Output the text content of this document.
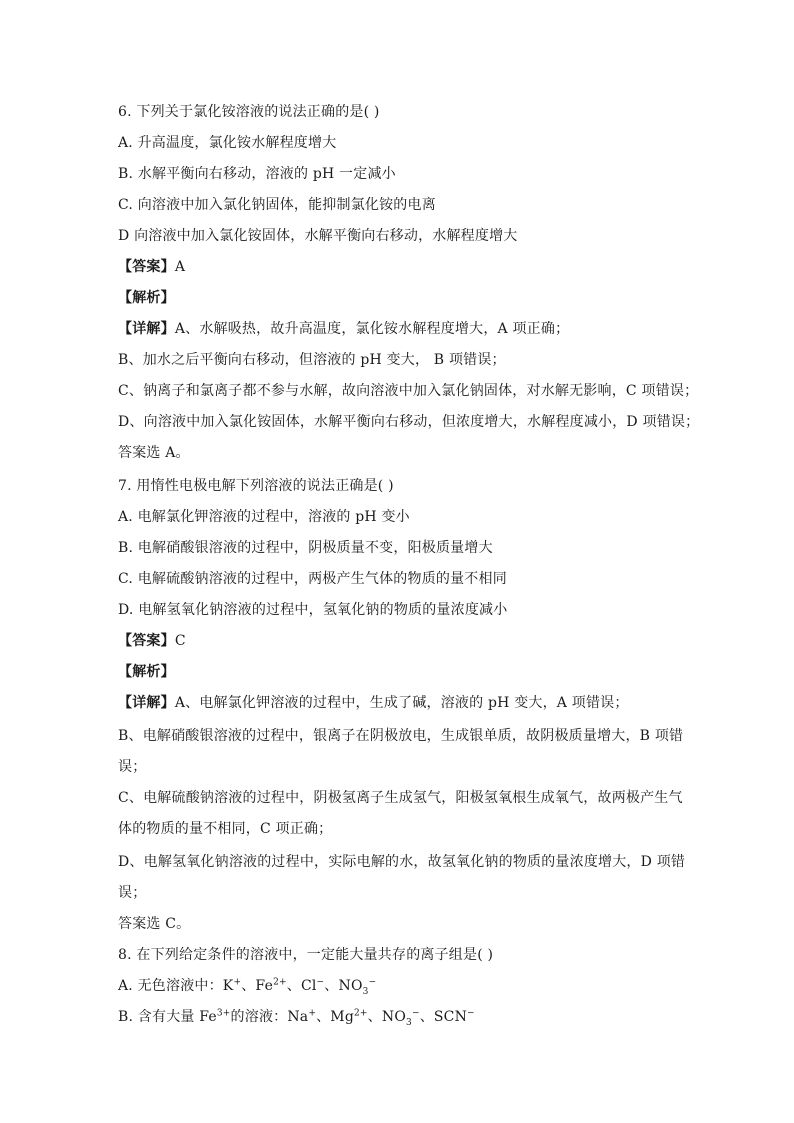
6. 下列关于氯化铵溶液的说法正确的是( )
A. 升高温度，氯化铵水解程度增大
B. 水解平衡向右移动，溶液的 pH 一定减小
C. 向溶液中加入氯化钠固体，能抑制氯化铵的电离
D 向溶液中加入氯化铵固体，水解平衡向右移动，水解程度增大
【答案】A
【解析】
【详解】A、水解吸热，故升高温度，氯化铵水解程度增大，A 项正确；
B、加水之后平衡向右移动，但溶液的 pH 变大， B 项错误；
C、钠离子和氯离子都不参与水解，故向溶液中加入氯化钠固体，对水解无影响，C 项错误；
D、向溶液中加入氯化铵固体，水解平衡向右移动，但浓度增大，水解程度减小，D 项错误；
答案选 A。
7. 用惰性电极电解下列溶液的说法正确是( )
A. 电解氯化钾溶液的过程中，溶液的 pH 变小
B. 电解硝酸银溶液的过程中，阴极质量不变，阳极质量增大
C. 电解硫酸钠溶液的过程中，两极产生气体的物质的量不相同
D. 电解氢氧化钠溶液的过程中，氢氧化钠的物质的量浓度减小
【答案】C
【解析】
【详解】A、电解氯化钾溶液的过程中，生成了碱，溶液的 pH 变大，A 项错误；
B、电解硝酸银溶液的过程中，银离子在阴极放电，生成银单质，故阴极质量增大，B 项错
误；
C、电解硫酸钠溶液的过程中，阴极氢离子生成氢气，阳极氢氧根生成氧气，故两极产生气
体的物质的量不相同，C 项正确；
D、电解氢氧化钠溶液的过程中，实际电解的水，故氢氧化钠的物质的量浓度增大，D 项错
误；
答案选 C。
8. 在下列给定条件的溶液中，一定能大量共存的离子组是( )
A. 无色溶液中：K+、$Fe^{2+}$、Cl−、$NO_3^-$
B. 含有大量 $Fe^{3+}$的溶液：Na+、$Mg^{2+}$、$NO_3^-$、SCN−
